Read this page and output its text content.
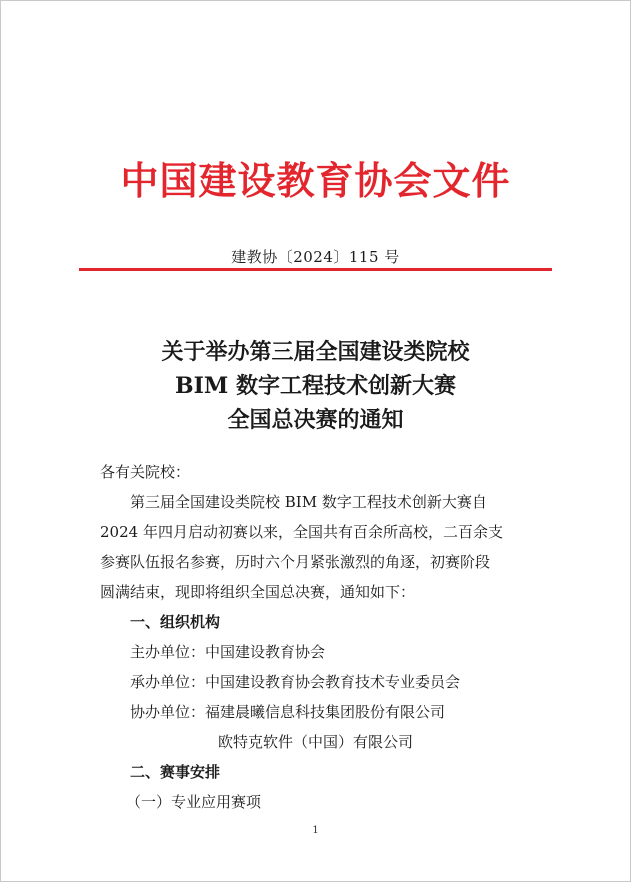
中国建设教育协会文件
建教协〔2024〕115 号
关于举办第三届全国建设类院校
BIM 数字工程技术创新大赛
全国总决赛的通知
各有关院校：
第三届全国建设类院校 BIM 数字工程技术创新大赛自
2024 年四月启动初赛以来，全国共有百余所高校，二百余支
参赛队伍报名参赛，历时六个月紧张激烈的角逐，初赛阶段
圆满结束，现即将组织全国总决赛，通知如下：
一、组织机构
主办单位：中国建设教育协会
承办单位：中国建设教育协会教育技术专业委员会
协办单位：福建晨曦信息科技集团股份有限公司
欧特克软件（中国）有限公司
二、赛事安排
（一）专业应用赛项
1
